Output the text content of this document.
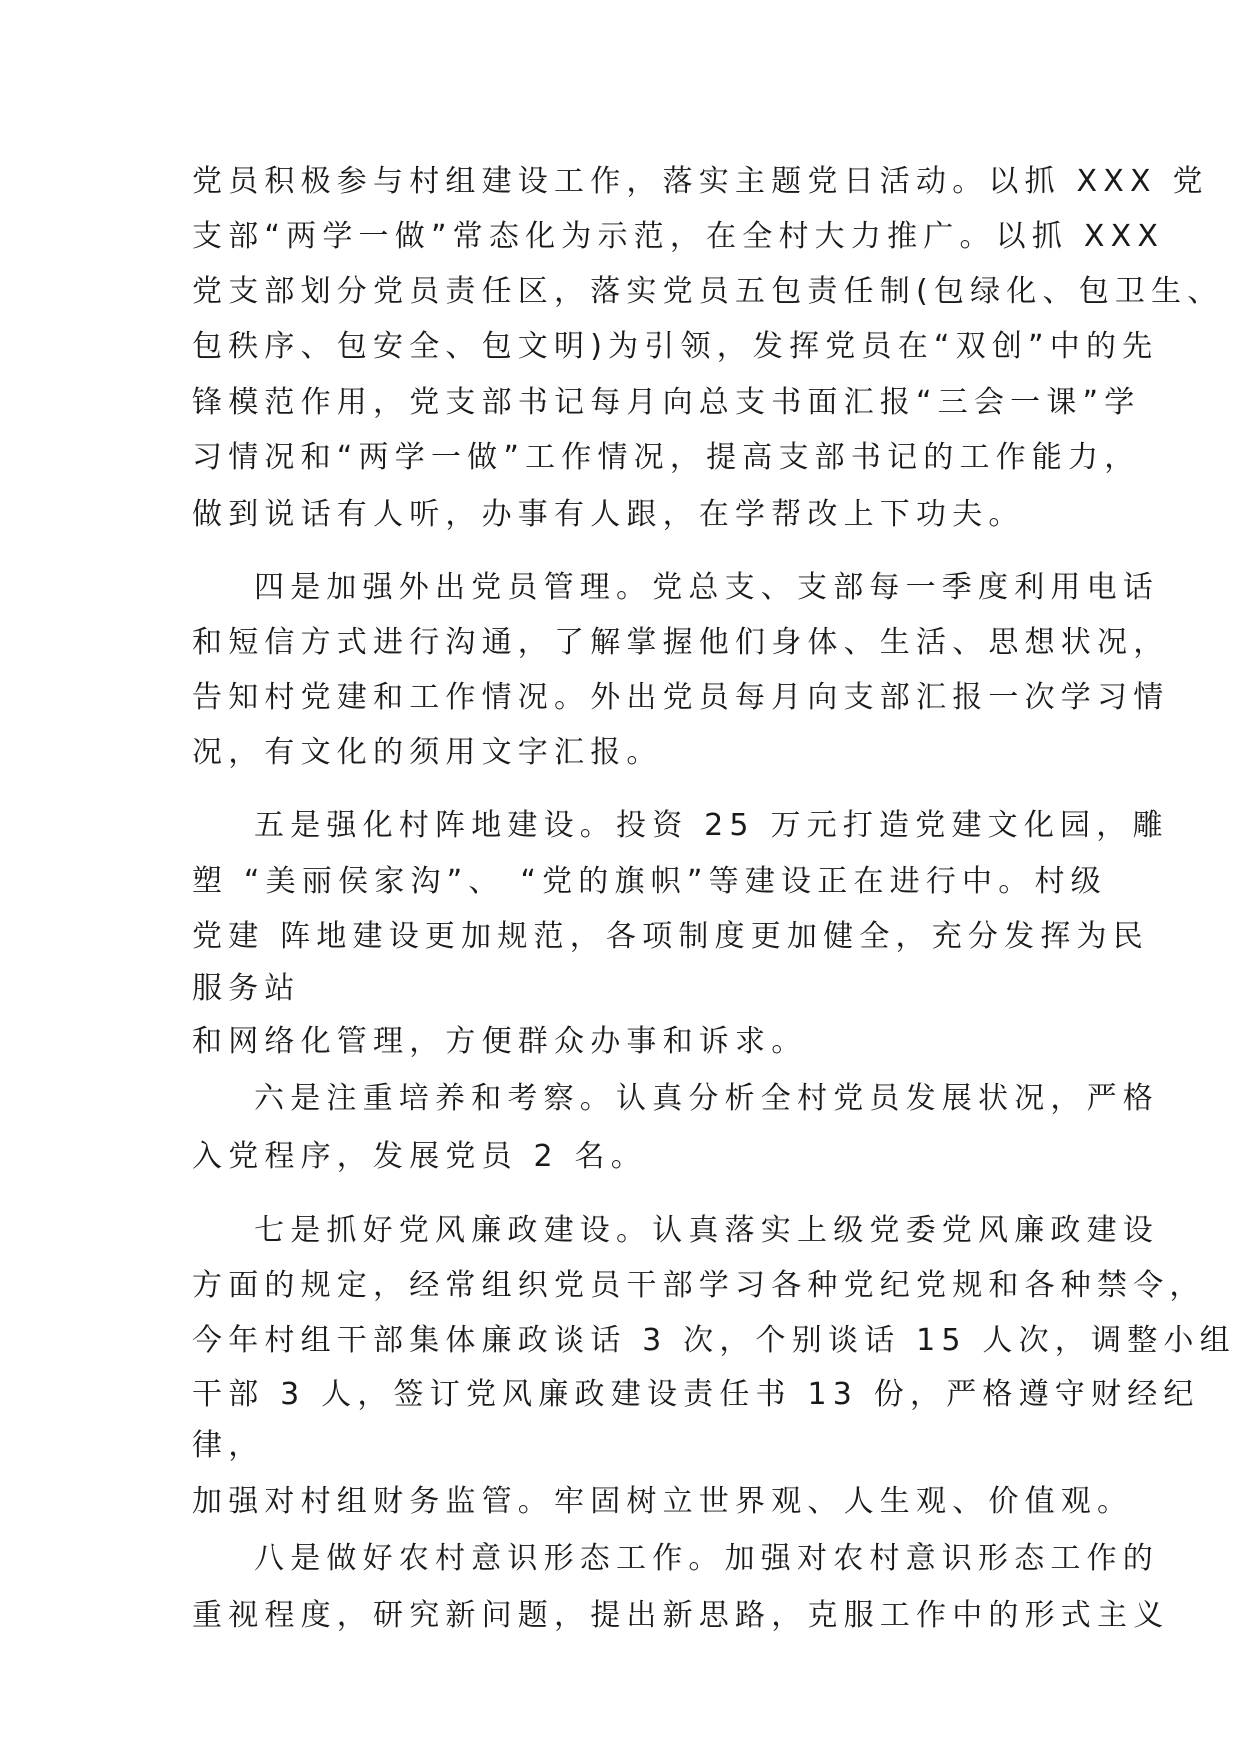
党员积极参与村组建设工作，落实主题党日活动。以抓 XXX 党
支部“两学一做”常态化为示范，在全村大力推广。以抓 XXX
党支部划分党员责任区，落实党员五包责任制(包绿化、包卫生、
包秩序、包安全、包文明)为引领，发挥党员在“双创”中的先
锋模范作用，党支部书记每月向总支书面汇报“三会一课”学
习情况和“两学一做”工作情况，提高支部书记的工作能力，
做到说话有人听，办事有人跟，在学帮改上下功夫。
四是加强外出党员管理。党总支、支部每一季度利用电话
和短信方式进行沟通，了解掌握他们身体、生活、思想状况，
告知村党建和工作情况。外出党员每月向支部汇报一次学习情
况，有文化的须用文字汇报。
五是强化村阵地建设。投资 25 万元打造党建文化园，雕
塑 “美丽侯家沟”、 “党的旗帜”等建设正在进行中。村级
党建 阵地建设更加规范，各项制度更加健全，充分发挥为民
服务站
和网络化管理，方便群众办事和诉求。
六是注重培养和考察。认真分析全村党员发展状况，严格
入党程序，发展党员 2 名。
七是抓好党风廉政建设。认真落实上级党委党风廉政建设
方面的规定，经常组织党员干部学习各种党纪党规和各种禁令，
今年村组干部集体廉政谈话 3 次，个别谈话 15 人次，调整小组
干部 3 人，签订党风廉政建设责任书 13 份，严格遵守财经纪
律，
加强对村组财务监管。牢固树立世界观、人生观、价值观。
八是做好农村意识形态工作。加强对农村意识形态工作的
重视程度，研究新问题，提出新思路，克服工作中的形式主义
